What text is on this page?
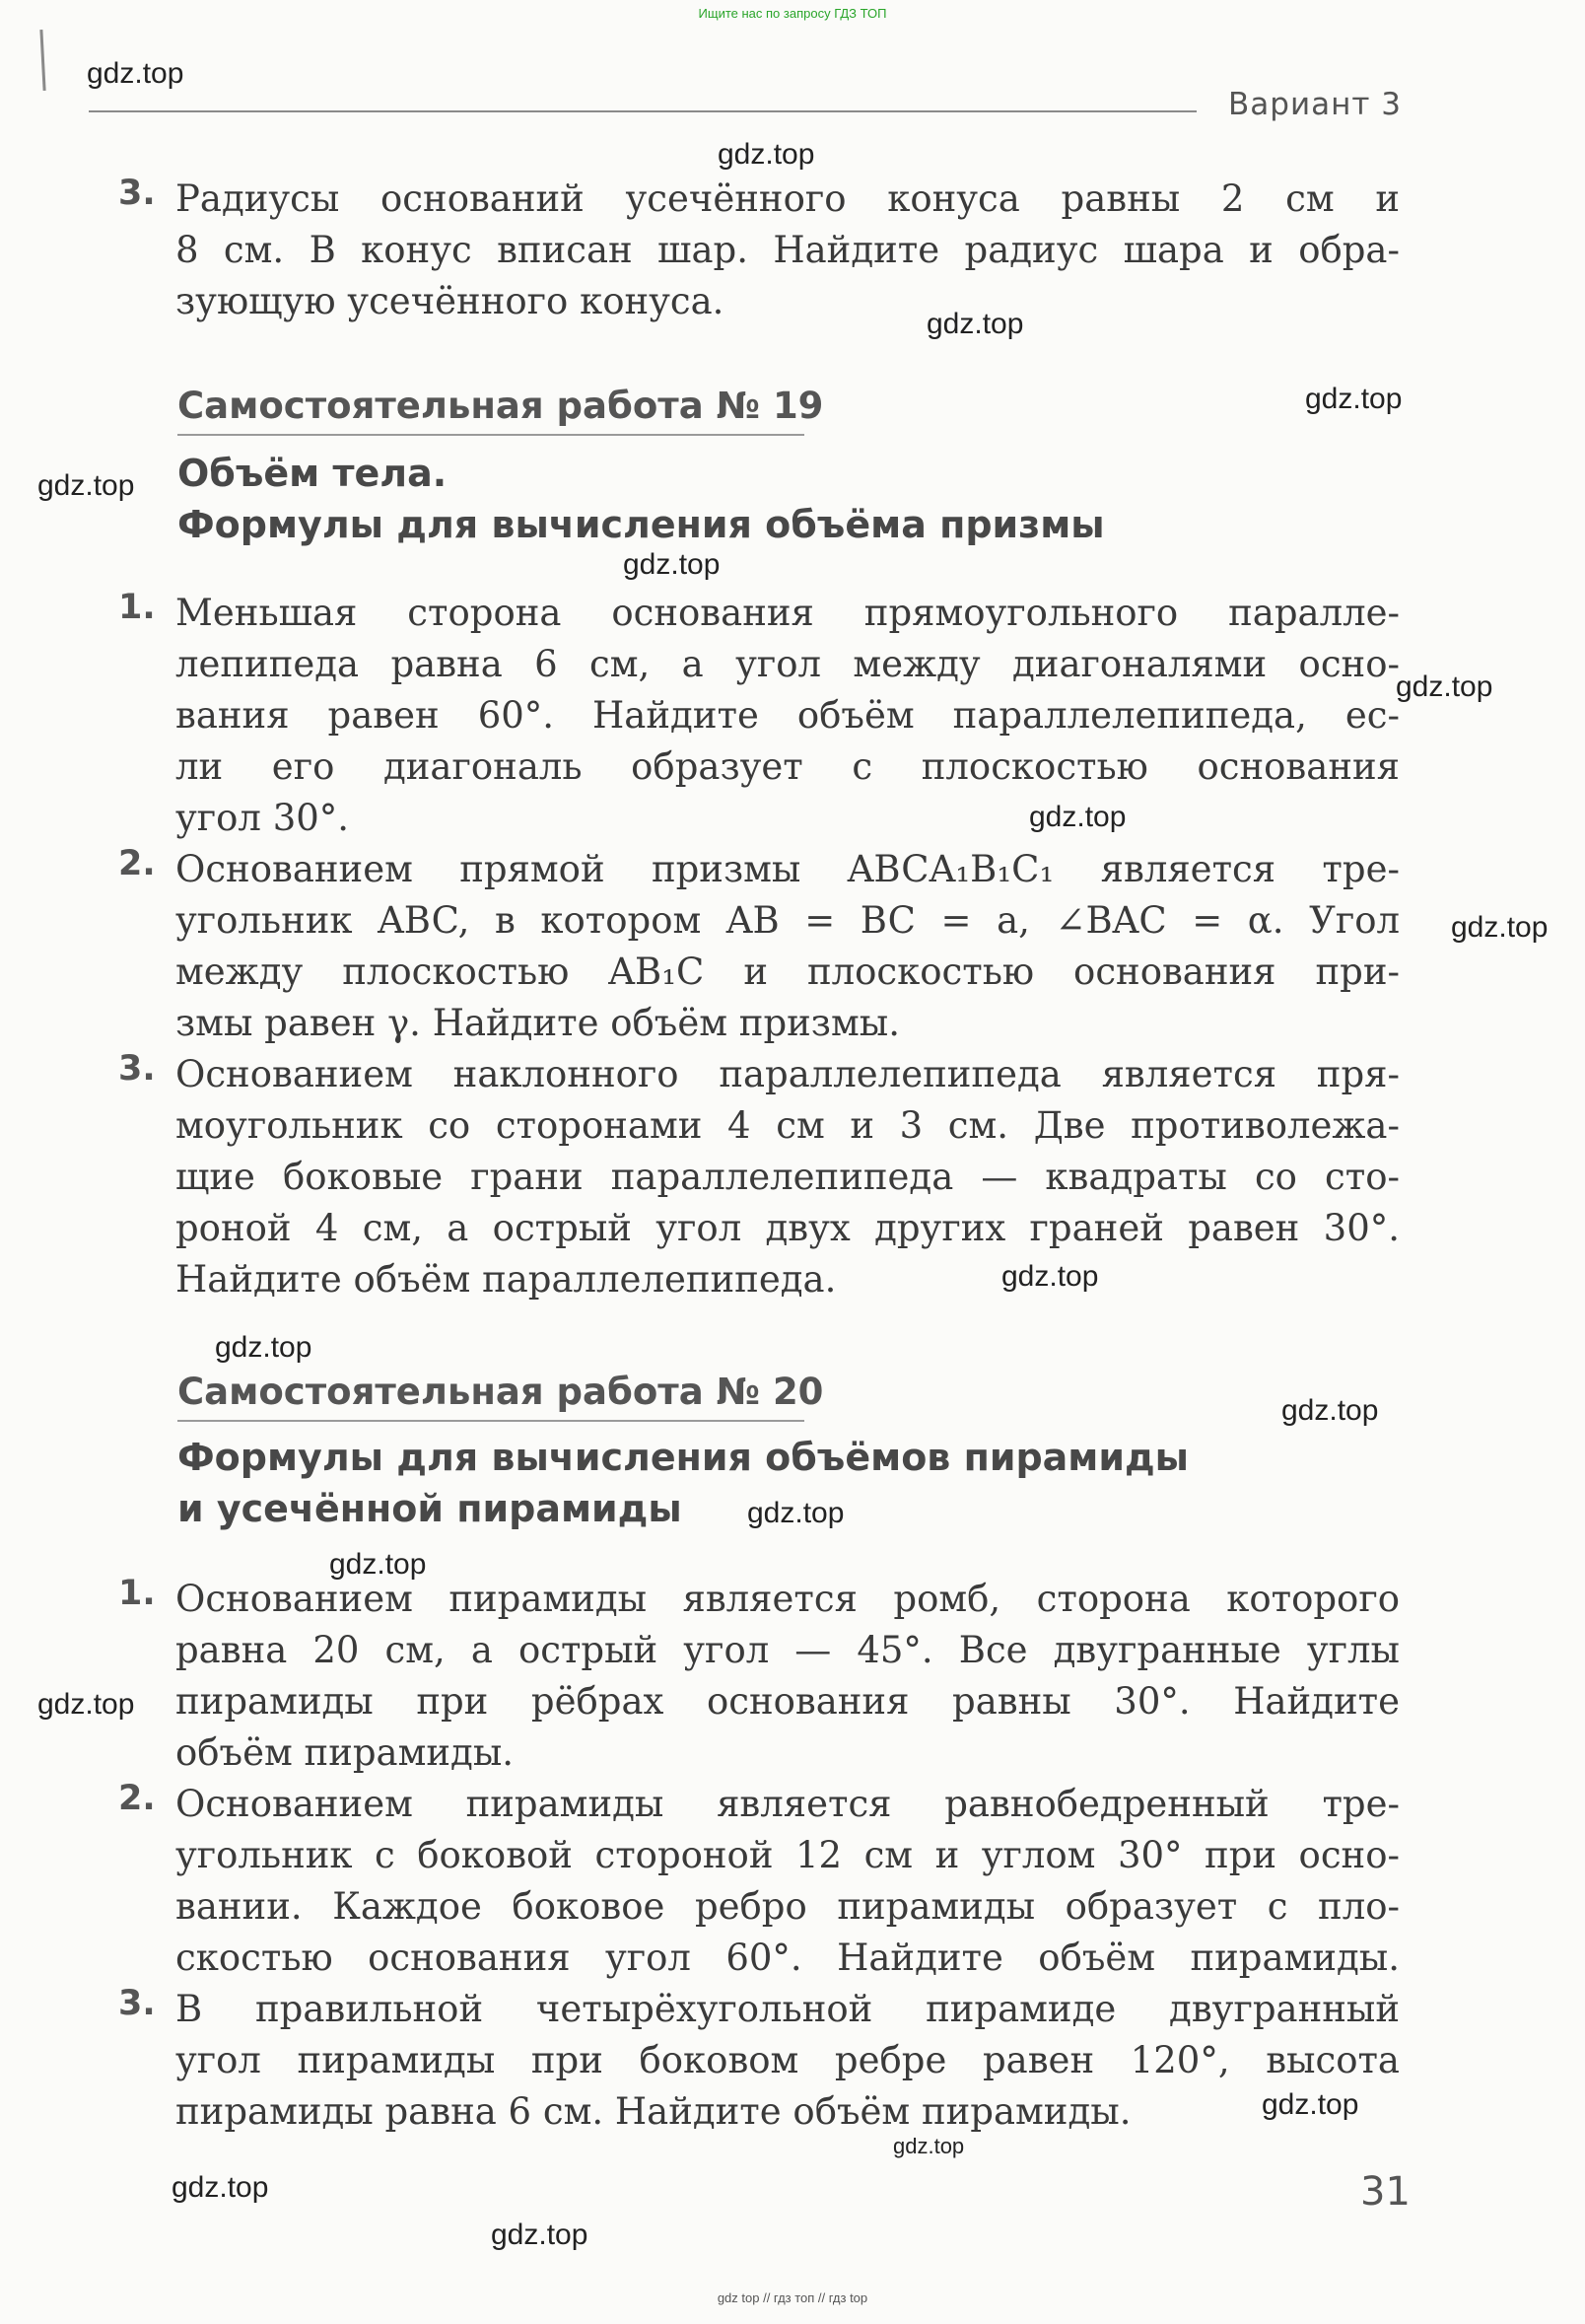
Ищите нас по запросу ГДЗ ТОП
gdz top // гдз топ // гдз top
Вариант 3
3. Радиусы оснований усечённого конуса равны 2 см и
8 см. В конус вписан шар. Найдите радиус шара и обра-
зующую усечённого конуса.
Самостоятельная работа № 19
Объём тела.
Формулы для вычисления объёма призмы
1. Меньшая сторона основания прямоугольного паралле-
лепипеда равна 6 см, а угол между диагоналями осно-
вания равен 60°. Найдите объём параллелепипеда, ес-
ли его диагональ образует с плоскостью основания
угол 30°.
2. Основанием прямой призмы ABCA₁B₁C₁ является тре-
угольник ABC, в котором AB = BC = a, ∠BAC = α. Угол
между плоскостью AB₁C и плоскостью основания при-
змы равен γ. Найдите объём призмы.
3. Основанием наклонного параллелепипеда является пря-
моугольник со сторонами 4 см и 3 см. Две противолежа-
щие боковые грани параллелепипеда — квадраты со сто-
роной 4 см, а острый угол двух других граней равен 30°.
Найдите объём параллелепипеда.
Самостоятельная работа № 20
Формулы для вычисления объёмов пирамиды
и усечённой пирамиды
1. Основанием пирамиды является ромб, сторона которого
равна 20 см, а острый угол — 45°. Все двугранные углы
пирамиды при рёбрах основания равны 30°. Найдите
объём пирамиды.
2. Основанием пирамиды является равнобедренный тре-
угольник с боковой стороной 12 см и углом 30° при осно-
вании. Каждое боковое ребро пирамиды образует с пло-
скостью основания угол 60°. Найдите объём пирамиды.
3. В правильной четырёхугольной пирамиде двугранный
угол пирамиды при боковом ребре равен 120°, высота
пирамиды равна 6 см. Найдите объём пирамиды.
31
gdz.top
gdz.top
gdz.top
gdz.top
gdz.top
gdz.top
gdz.top
gdz.top
gdz.top
gdz.top
gdz.top
gdz.top
gdz.top
gdz.top
gdz.top
gdz.top
gdz.top
gdz.top
gdz.top
